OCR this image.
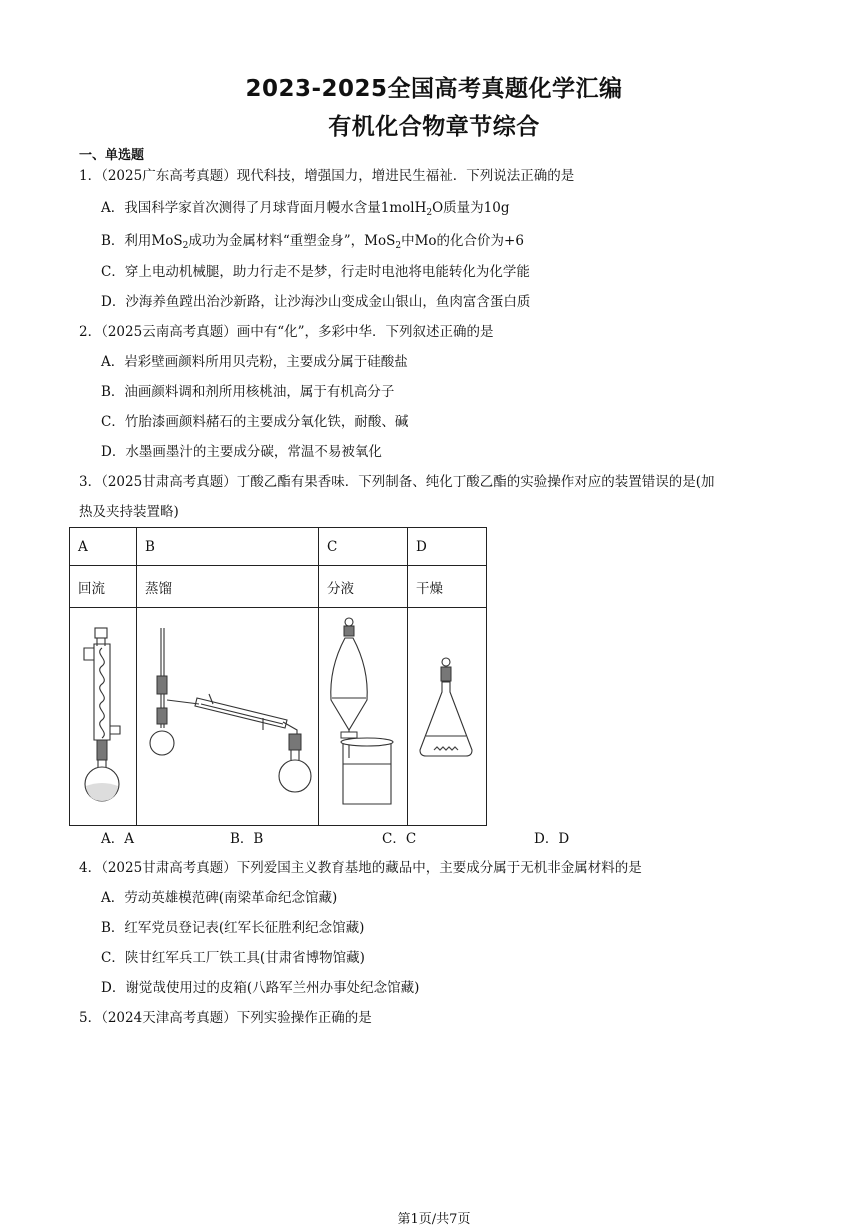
2023-2025全国高考真题化学汇编
有机化合物章节综合
一、单选题
1．（2025广东高考真题）现代科技，增强国力，增进民生福祉．下列说法正确的是
A．我国科学家首次测得了月球背面月幔水含量1molH$_2$O质量为10g
B．利用MoS$_2$成功为金属材料“重塑金身”，MoS$_2$中Mo的化合价为+6
C．穿上电动机械腿，助力行走不是梦，行走时电池将电能转化为化学能
D．沙海养鱼蹚出治沙新路，让沙海沙山变成金山银山，鱼肉富含蛋白质
2．（2025云南高考真题）画中有“化”，多彩中华．下列叙述正确的是
A．岩彩壁画颜料所用贝壳粉，主要成分属于硅酸盐
B．油画颜料调和剂所用核桃油，属于有机高分子
C．竹胎漆画颜料赭石的主要成分氧化铁，耐酸、碱
D．水墨画墨汁的主要成分碳，常温不易被氧化
3．（2025甘肃高考真题）丁酸乙酯有果香味．下列制备、纯化丁酸乙酯的实验操作对应的装置错误的是(加
热及夹持装置略)
A	B	C	D
回流	蒸馏	分液	干燥

A．A	B．B	C．C	D．D
4．（2025甘肃高考真题）下列爱国主义教育基地的藏品中，主要成分属于无机非金属材料的是
A．劳动英雄模范碑(南梁革命纪念馆藏)
B．红军党员登记表(红军长征胜利纪念馆藏)
C．陕甘红军兵工厂铁工具(甘肃省博物馆藏)
D．谢觉哉使用过的皮箱(八路军兰州办事处纪念馆藏)
5．（2024天津高考真题）下列实验操作正确的是
第1页/共7页
